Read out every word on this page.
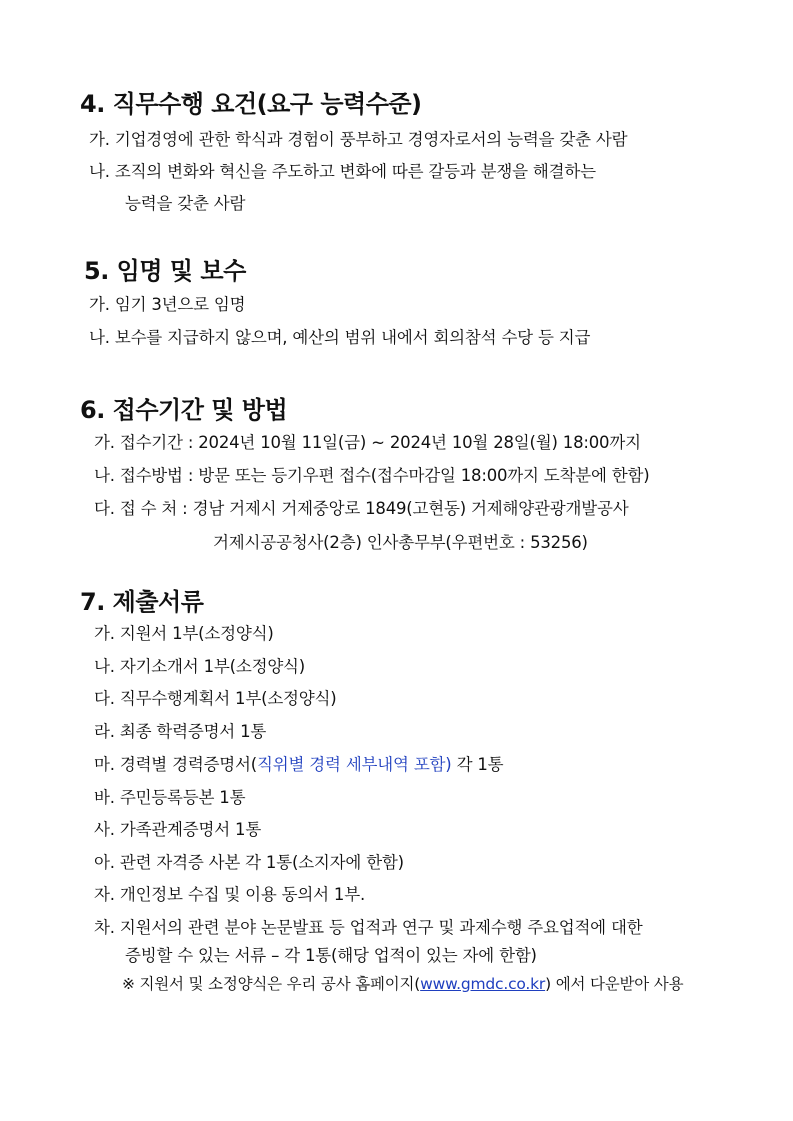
4. 직무수행 요건(요구 능력수준)
가. 기업경영에 관한 학식과 경험이 풍부하고 경영자로서의 능력을 갖춘 사람
나. 조직의 변화와 혁신을 주도하고 변화에 따른 갈등과 분쟁을 해결하는
능력을 갖춘 사람
5. 임명 및 보수
가. 임기 3년으로 임명
나. 보수를 지급하지 않으며, 예산의 범위 내에서 회의참석 수당 등 지급
6. 접수기간 및 방법
가. 접수기간 : 2024년 10월 11일(금) ~ 2024년 10월 28일(월) 18:00까지
나. 접수방법 : 방문 또는 등기우편 접수(접수마감일 18:00까지 도착분에 한함)
다. 접 수 처 : 경남 거제시 거제중앙로 1849(고현동) 거제해양관광개발공사
거제시공공청사(2층) 인사총무부(우편번호 : 53256)
7. 제출서류
가. 지원서 1부(소정양식)
나. 자기소개서 1부(소정양식)
다. 직무수행계획서 1부(소정양식)
라. 최종 학력증명서 1통
마. 경력별 경력증명서(직위별 경력 세부내역 포함) 각 1통
바. 주민등록등본 1통
사. 가족관계증명서 1통
아. 관련 자격증 사본 각 1통(소지자에 한함)
자. 개인정보 수집 및 이용 동의서 1부.
차. 지원서의 관련 분야 논문발표 등 업적과 연구 및 과제수행 주요업적에 대한
증빙할 수 있는 서류 – 각 1통(해당 업적이 있는 자에 한함)
※ 지원서 및 소정양식은 우리 공사 홈페이지(www.gmdc.co.kr) 에서 다운받아 사용
